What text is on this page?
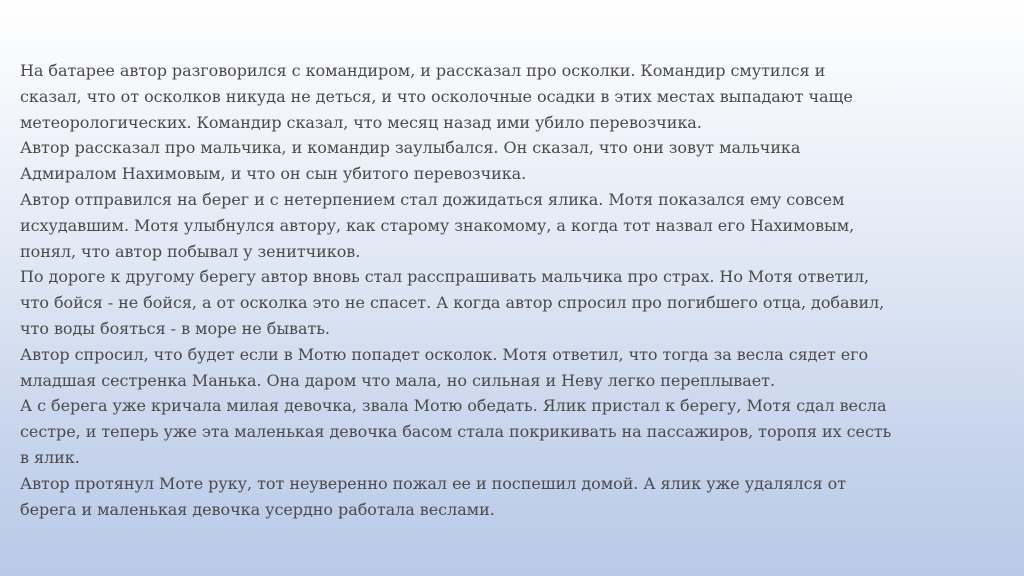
На батарее автор разговорился с командиром, и рассказал про осколки. Командир смутился и
сказал, что от осколков никуда не деться, и что осколочные осадки в этих местах выпадают чаще
метеорологических. Командир сказал, что месяц назад ими убило перевозчика.
Автор рассказал про мальчика, и командир заулыбался. Он сказал, что они зовут мальчика
Адмиралом Нахимовым, и что он сын убитого перевозчика.
Автор отправился на берег и с нетерпением стал дожидаться ялика. Мотя показался ему совсем
исхудавшим. Мотя улыбнулся автору, как старому знакомому, а когда тот назвал его Нахимовым,
понял, что автор побывал у зенитчиков.
По дороге к другому берегу автор вновь стал расспрашивать мальчика про страх. Но Мотя ответил,
что бойся - не бойся, а от осколка это не спасет. А когда автор спросил про погибшего отца, добавил,
что воды бояться - в море не бывать.
Автор спросил, что будет если в Мотю попадет осколок. Мотя ответил, что тогда за весла сядет его
младшая сестренка Манька. Она даром что мала, но сильная и Неву легко переплывает.
А с берега уже кричала милая девочка, звала Мотю обедать. Ялик пристал к берегу, Мотя сдал весла
сестре, и теперь уже эта маленькая девочка басом стала покрикивать на пассажиров, торопя их сесть
в ялик.
Автор протянул Моте руку, тот неуверенно пожал ее и поспешил домой. А ялик уже удалялся от
берега и маленькая девочка усердно работала веслами.
